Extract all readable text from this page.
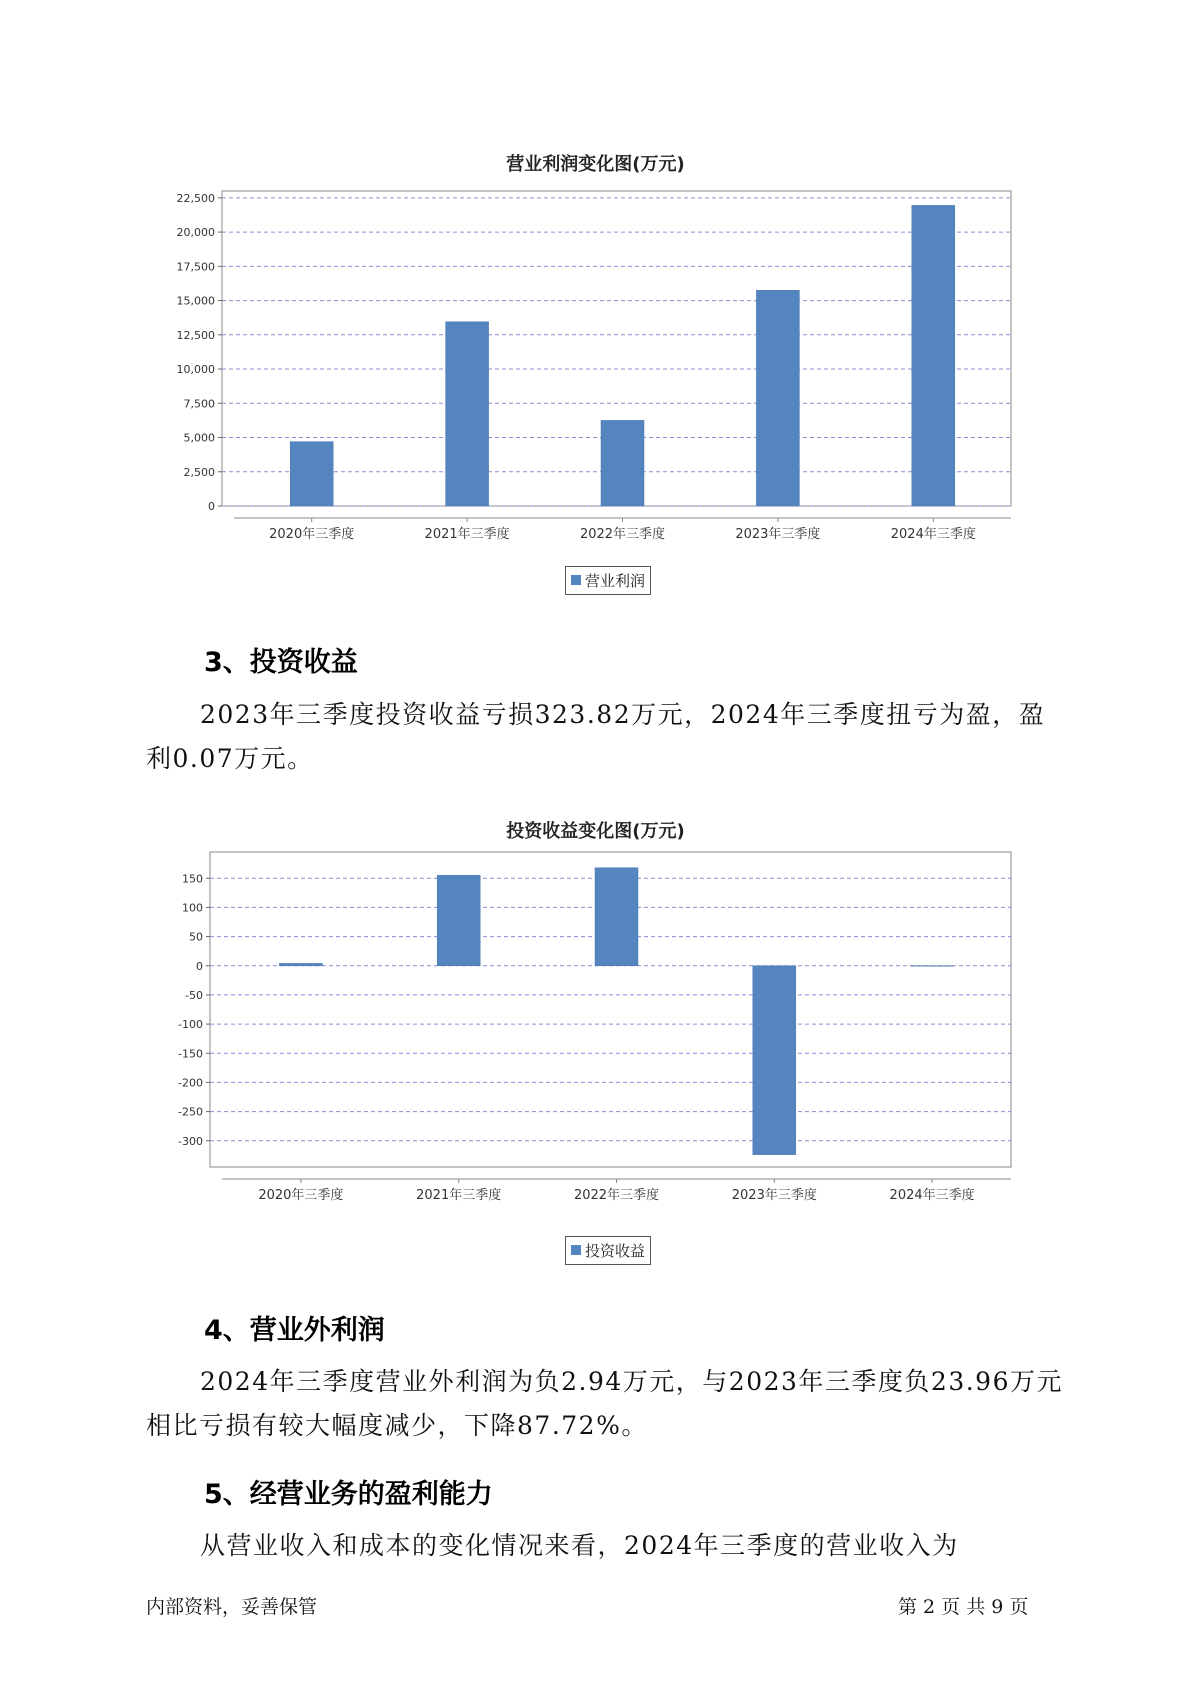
营业利润变化图(万元)
0
2,500
5,000
7,500
10,000
12,500
15,000
17,500
20,000
22,500
2020年三季度	2021年三季度	2022年三季度	2023年三季度	2024年三季度
营业利润
3、投资收益
2023年三季度投资收益亏损323.82万元，2024年三季度扭亏为盈，盈
利0.07万元。
投资收益变化图(万元)
-300
-250
-200
-150
-100
-50
0
50
100
150
2020年三季度	2021年三季度	2022年三季度	2023年三季度	2024年三季度
投资收益
4、营业外利润
2024年三季度营业外利润为负2.94万元，与2023年三季度负23.96万元
相比亏损有较大幅度减少，下降87.72%。
5、经营业务的盈利能力
从营业收入和成本的变化情况来看，2024年三季度的营业收入为
内部资料，妥善保管	第 2 页 共 9 页
